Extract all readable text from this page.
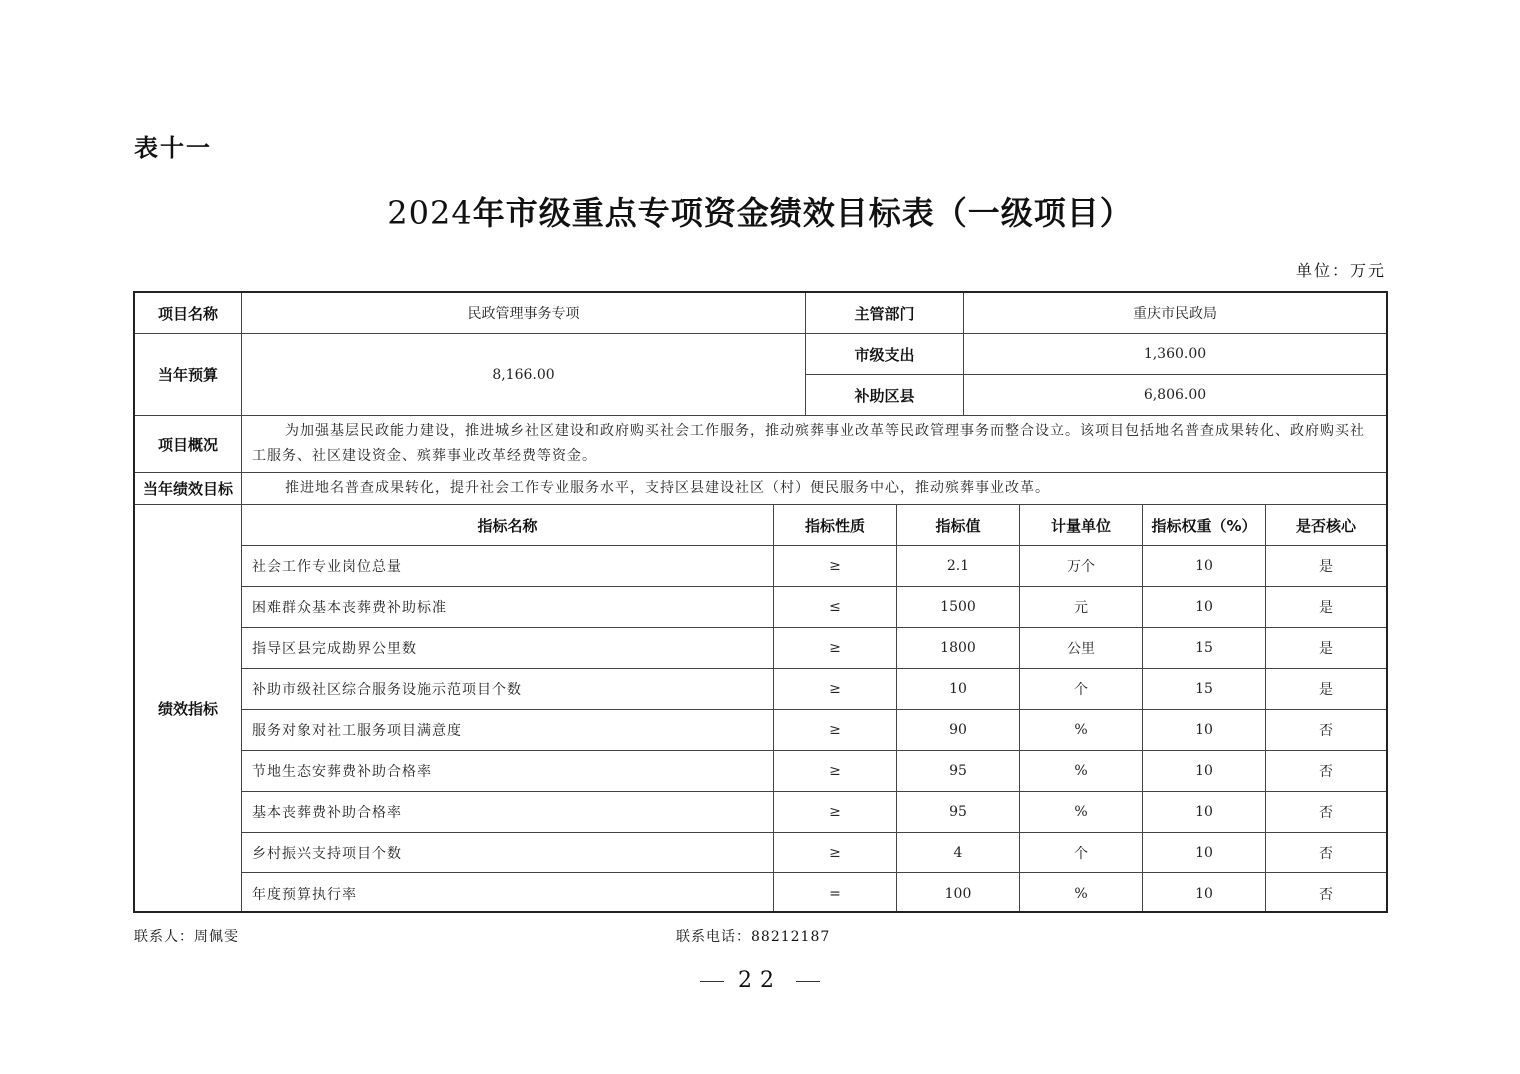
表十一
2024年市级重点专项资金绩效目标表（一级项目）
单位：万元
项目名称	民政管理事务专项	主管部门	重庆市民政局
当年预算	8,166.00
市级支出	1,360.00
补助区县	6,806.00
项目概况
为加强基层民政能力建设，推进城乡社区建设和政府购买社会工作服务，推动殡葬事业改革等民政管理事务而整合设立。该项目包括地名普查成果转化、政府购买社工服务、社区建设资金、殡葬事业改革经费等资金。
当年绩效目标	推进地名普查成果转化，提升社会工作专业服务水平，支持区县建设社区（村）便民服务中心，推动殡葬事业改革。
绩效指标
指标名称	指标性质	指标值	计量单位	指标权重（%）	是否核心
社会工作专业岗位总量	≥	2.1	万个	10	是
困难群众基本丧葬费补助标准	≤	1500	元	10	是
指导区县完成勘界公里数	≥	1800	公里	15	是
补助市级社区综合服务设施示范项目个数	≥	10	个	15	是
服务对象对社工服务项目满意度	≥	90	%	10	否
节地生态安葬费补助合格率	≥	95	%	10	否
基本丧葬费补助合格率	≥	95	%	10	否
乡村振兴支持项目个数	≥	4	个	10	否
年度预算执行率	=	100	%	10	否
联系人：周佩雯	联系电话：88212187
22
